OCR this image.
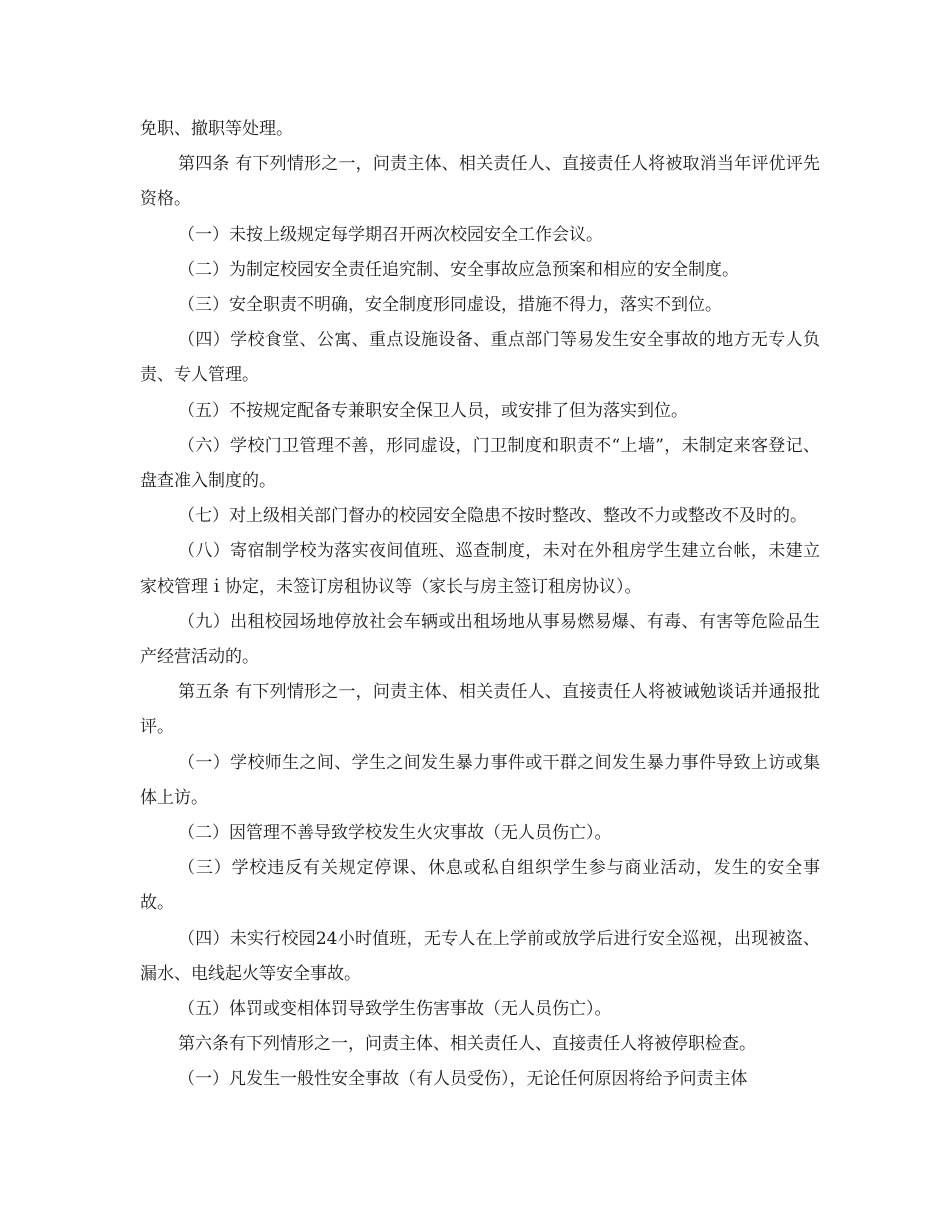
免职、撤职等处理。

第四条 有下列情形之一，问责主体、相关责任人、直接责任人将被取消当年评优评先资格。

（一）未按上级规定每学期召开两次校园安全工作会议。

（二）为制定校园安全责任追究制、安全事故应急预案和相应的安全制度。

（三）安全职责不明确，安全制度形同虚设，措施不得力，落实不到位。

（四）学校食堂、公寓、重点设施设备、重点部门等易发生安全事故的地方无专人负责、专人管理。

（五）不按规定配备专兼职安全保卫人员，或安排了但为落实到位。

（六）学校门卫管理不善，形同虚设，门卫制度和职责不“上墙”，未制定来客登记、盘查准入制度的。

（七）对上级相关部门督办的校园安全隐患不按时整改、整改不力或整改不及时的。

（八）寄宿制学校为落实夜间值班、巡查制度，未对在外租房学生建立台帐，未建立家校管理ｉ协定，未签订房租协议等（家长与房主签订租房协议）。

（九）出租校园场地停放社会车辆或出租场地从事易燃易爆、有毒、有害等危险品生产经营活动的。

第五条 有下列情形之一，问责主体、相关责任人、直接责任人将被诫勉谈话并通报批评。

（一）学校师生之间、学生之间发生暴力事件或干群之间发生暴力事件导致上访或集体上访。

（二）因管理不善导致学校发生火灾事故（无人员伤亡）。

（三）学校违反有关规定停课、休息或私自组织学生参与商业活动，发生的安全事故。

（四）未实行校园24小时值班，无专人在上学前或放学后进行安全巡视，出现被盗、漏水、电线起火等安全事故。

（五）体罚或变相体罚导致学生伤害事故（无人员伤亡）。

第六条有下列情形之一，问责主体、相关责任人、直接责任人将被停职检查。

（一）凡发生一般性安全事故（有人员受伤），无论任何原因将给予问责主体
